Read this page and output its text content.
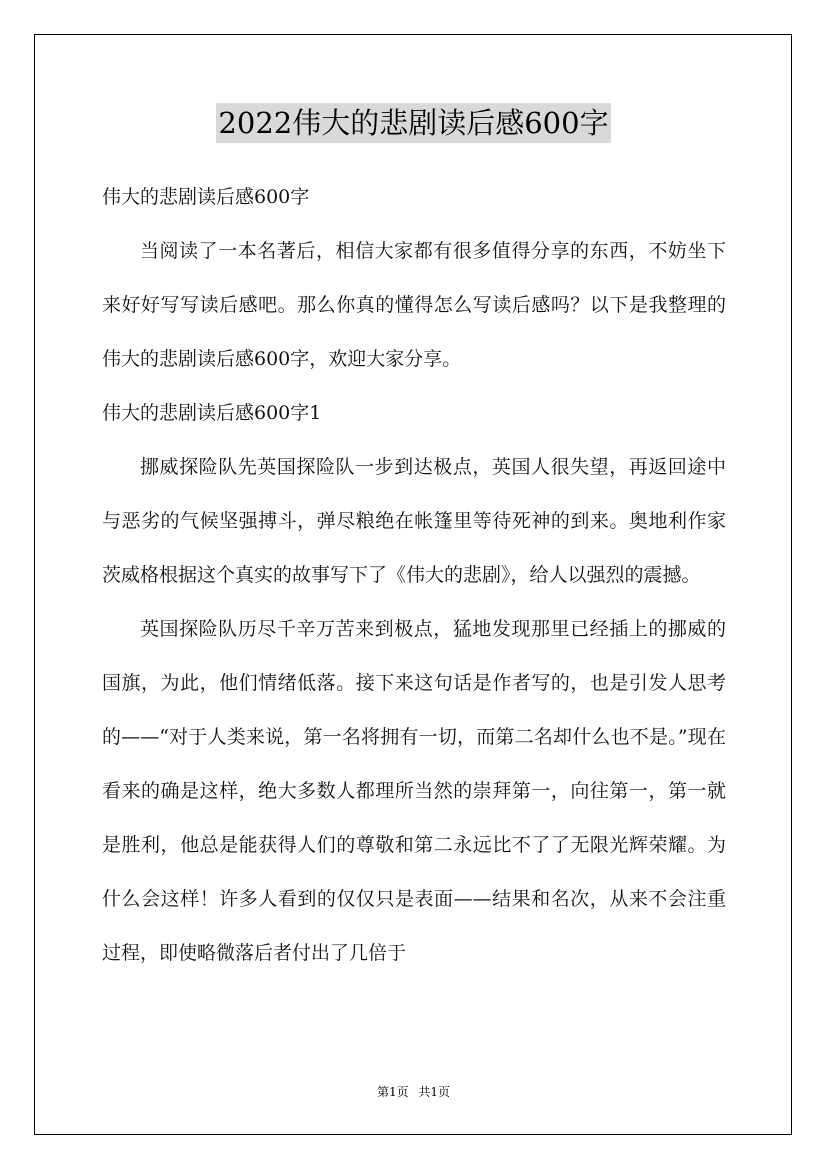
2022伟大的悲剧读后感600字

伟大的悲剧读后感600字

当阅读了一本名著后，相信大家都有很多值得分享的东西，不妨坐下来好好写写读后感吧。那么你真的懂得怎么写读后感吗？以下是我整理的伟大的悲剧读后感600字，欢迎大家分享。

伟大的悲剧读后感600字1

挪威探险队先英国探险队一步到达极点，英国人很失望，再返回途中与恶劣的气候坚强搏斗，弹尽粮绝在帐篷里等待死神的到来。奥地利作家茨威格根据这个真实的故事写下了《伟大的悲剧》，给人以强烈的震撼。

英国探险队历尽千辛万苦来到极点，猛地发现那里已经插上的挪威的国旗，为此，他们情绪低落。接下来这句话是作者写的，也是引发人思考的——“对于人类来说，第一名将拥有一切，而第二名却什么也不是。”现在看来的确是这样，绝大多数人都理所当然的崇拜第一，向往第一，第一就是胜利，他总是能获得人们的尊敬和第二永远比不了了无限光辉荣耀。为什么会这样！许多人看到的仅仅只是表面——结果和名次，从来不会注重过程，即使略微落后者付出了几倍于

第1页 共1页
